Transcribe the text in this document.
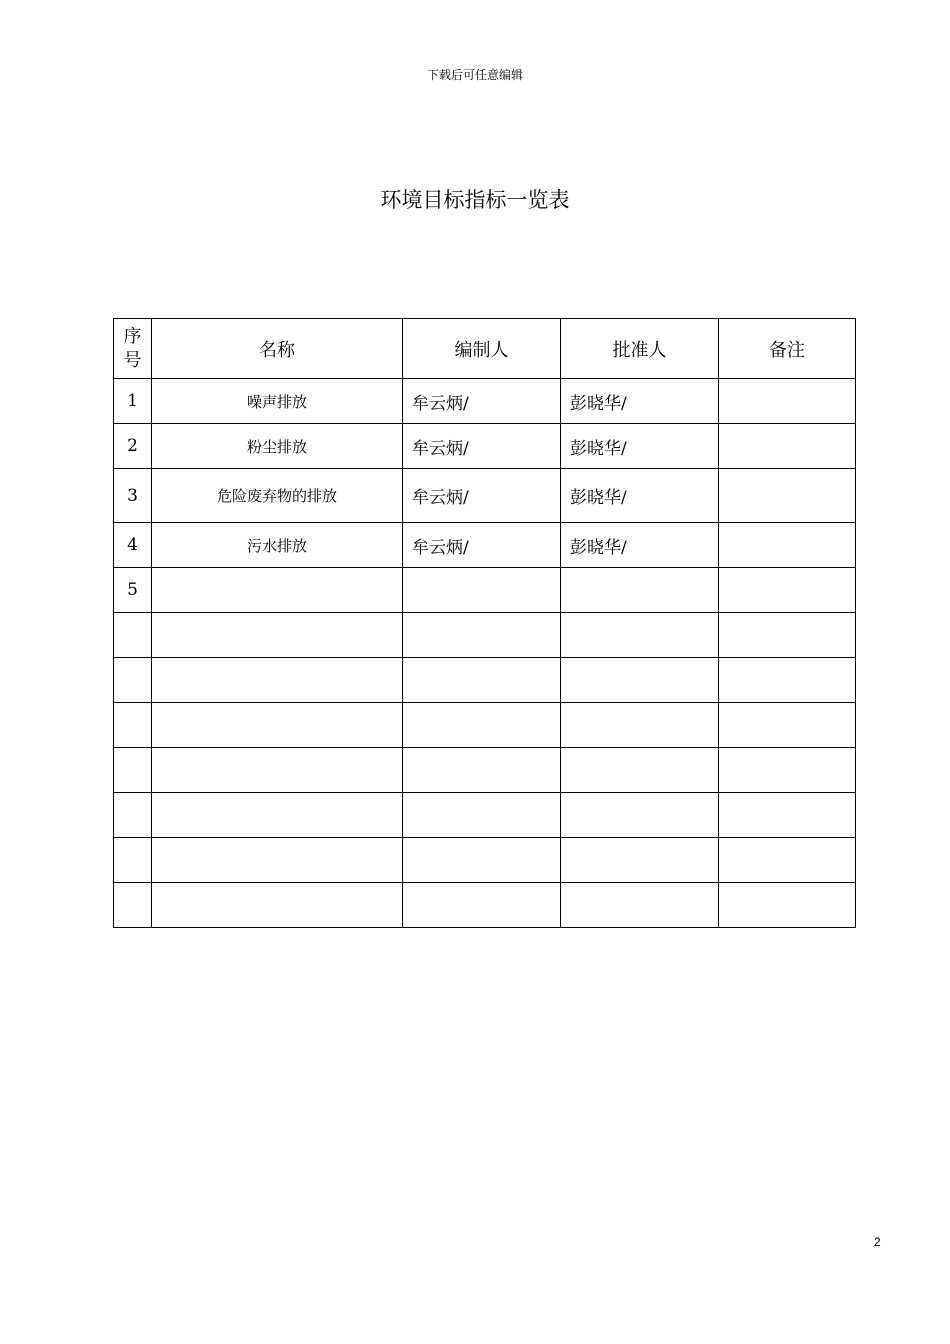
下载后可任意编辑
环境目标指标一览表
序
号	名称	编制人	批准人	备注
1	噪声排放	牟云炳/	彭晓华/	
2	粉尘排放	牟云炳/	彭晓华/	
3	危险废弃物的排放	牟云炳/	彭晓华/	
4	污水排放	牟云炳/	彭晓华/	
5				

2
